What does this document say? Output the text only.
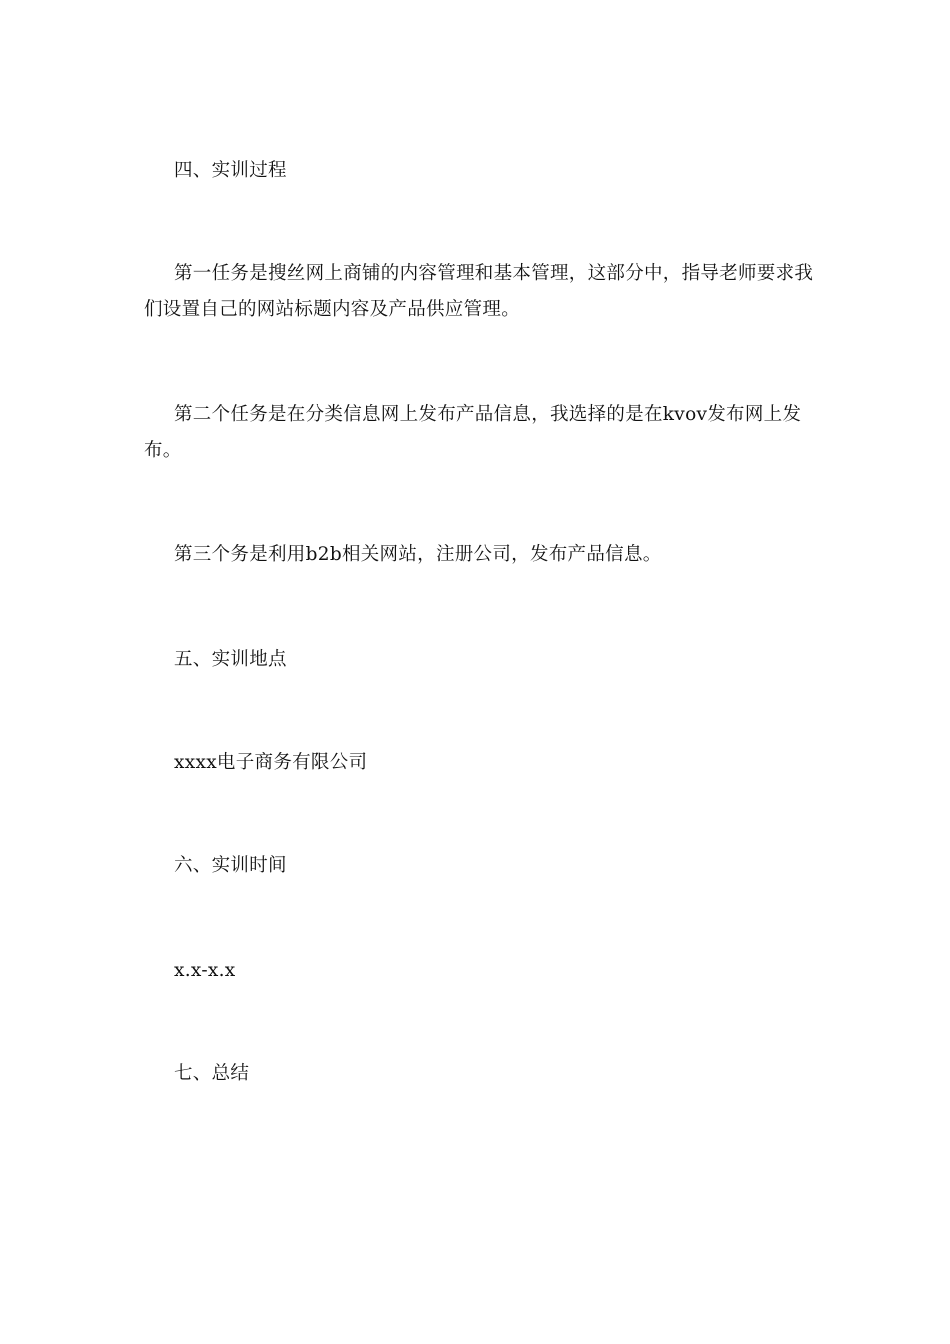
四、实训过程

第一任务是搜丝网上商铺的内容管理和基本管理，这部分中，指导老师要求我们设置自己的网站标题内容及产品供应管理。

第二个任务是在分类信息网上发布产品信息，我选择的是在kvov发布网上发布。

第三个务是利用b2b相关网站，注册公司，发布产品信息。

五、实训地点
xxxx电子商务有限公司
六、实训时间
x.x-x.x
七、总结
